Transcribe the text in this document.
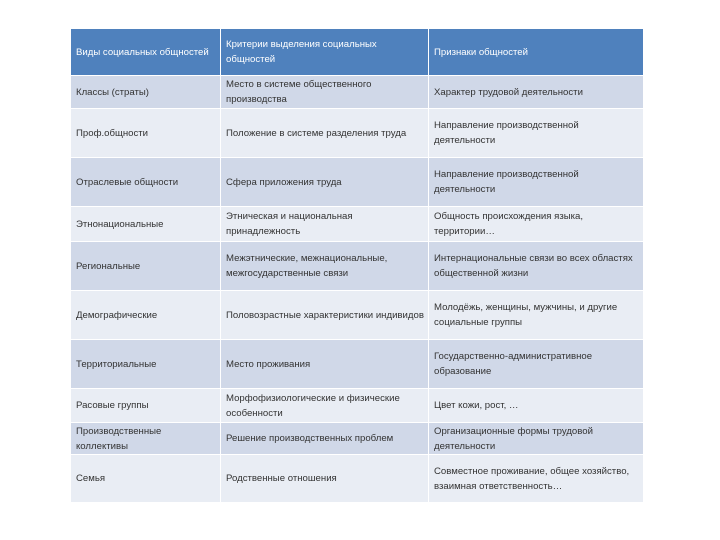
Виды социальных общностей	Критерии выделения социальных общностей	Признаки общностей
Классы (страты)	Место в системе общественного производства	Характер трудовой деятельности
Проф.общности	Положение в системе разделения труда	Направление производственной деятельности
Отраслевые общности	Сфера приложения труда	Направление производственной деятельности
Этнонациональные	Этническая и национальная принадлежность	Общность происхождения языка, территории…
Региональные	Межэтнические, межнациональные, межгосударственные связи	Интернациональные связи во всех областях общественной жизни
Демографические	Половозрастные характеристики индивидов	Молодёжь, женщины, мужчины, и другие социальные группы
Территориальные	Место проживания	Государственно-административное образование
Расовые группы	Морфофизиологические и физические особенности	Цвет кожи, рост, …
Производственные коллективы	Решение производственных проблем	Организационные формы трудовой деятельности
Семья	Родственные отношения	Совместное проживание, общее хозяйство, взаимная ответственность…
